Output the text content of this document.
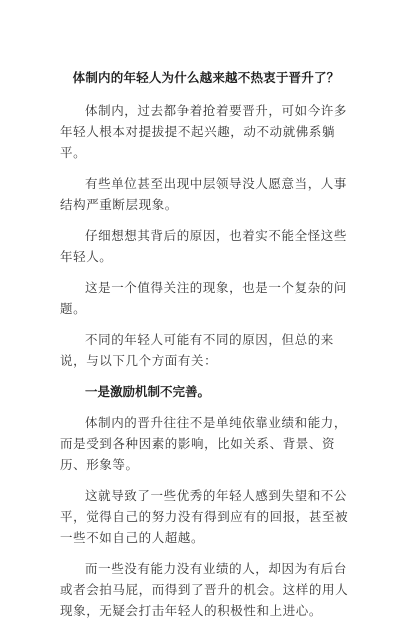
体制内的年轻人为什么越来越不热衷于晋升了？

体制内，过去都争着抢着要晋升，可如今许多年轻人根本对提拔提不起兴趣，动不动就佛系躺平。

有些单位甚至出现中层领导没人愿意当，人事结构严重断层现象。

仔细想想其背后的原因，也着实不能全怪这些年轻人。

这是一个值得关注的现象，也是一个复杂的问题。

不同的年轻人可能有不同的原因，但总的来说，与以下几个方面有关：

一是激励机制不完善。

体制内的晋升往往不是单纯依靠业绩和能力，而是受到各种因素的影响，比如关系、背景、资历、形象等。

这就导致了一些优秀的年轻人感到失望和不公平，觉得自己的努力没有得到应有的回报，甚至被一些不如自己的人超越。

而一些没有能力没有业绩的人，却因为有后台或者会拍马屁，而得到了晋升的机会。这样的用人现象，无疑会打击年轻人的积极性和上进心。
